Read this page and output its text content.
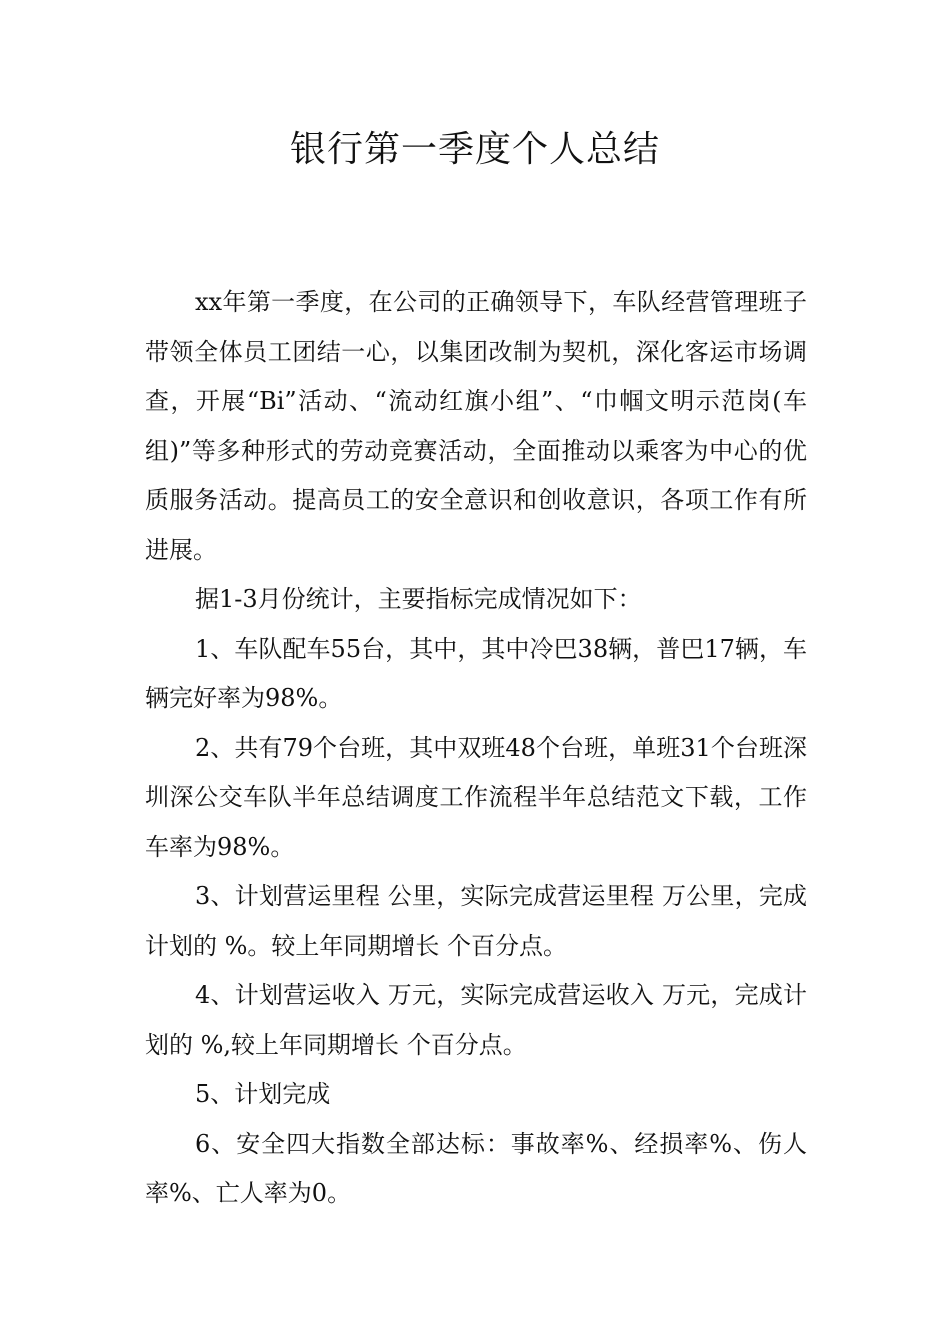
银行第一季度个人总结

xx年第一季度，在公司的正确领导下，车队经营管理班子带领全体员工团结一心，以集团改制为契机，深化客运市场调查，开展“Bi”活动、“流动红旗小组”、“巾帼文明示范岗(车组)”等多种形式的劳动竞赛活动，全面推动以乘客为中心的优质服务活动。提高员工的安全意识和创收意识，各项工作有所进展。

据1-3月份统计，主要指标完成情况如下：

1、车队配车55台，其中，其中冷巴38辆，普巴17辆，车辆完好率为98%。

2、共有79个台班，其中双班48个台班，单班31个台班深圳深公交车队半年总结调度工作流程半年总结范文下载，工作车率为98%。

3、计划营运里程 公里，实际完成营运里程 万公里，完成计划的 %。较上年同期增长 个百分点。

4、计划营运收入 万元，实际完成营运收入 万元，完成计划的 %,较上年同期增长 个百分点。

5、计划完成

6、安全四大指数全部达标：事故率%、经损率%、伤人率%、亡人率为0。
